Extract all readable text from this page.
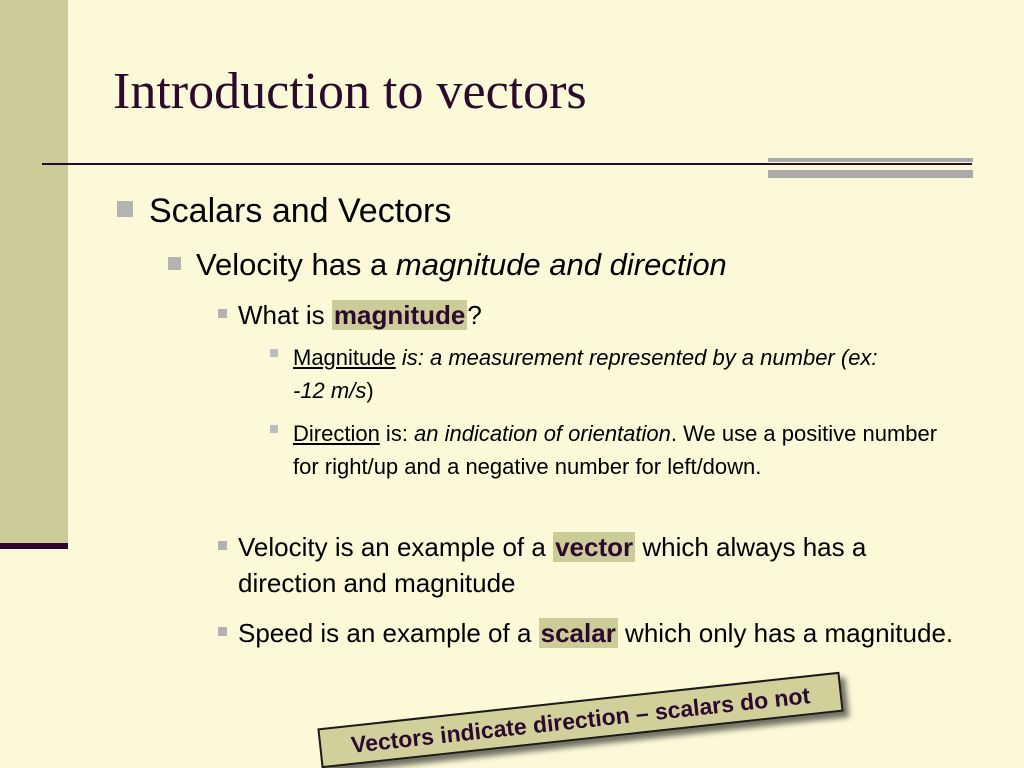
Introduction to vectors
Scalars and Vectors
Velocity has a magnitude and direction
What is magnitude?
Magnitude is: a measurement represented by a number (ex: -12 m/s)
Direction is: an indication of orientation. We use a positive number for right/up and a negative number for left/down.
Velocity is an example of a vector which always has a direction and magnitude
Speed is an example of a scalar which only has a magnitude.
Vectors indicate direction – scalars do not
